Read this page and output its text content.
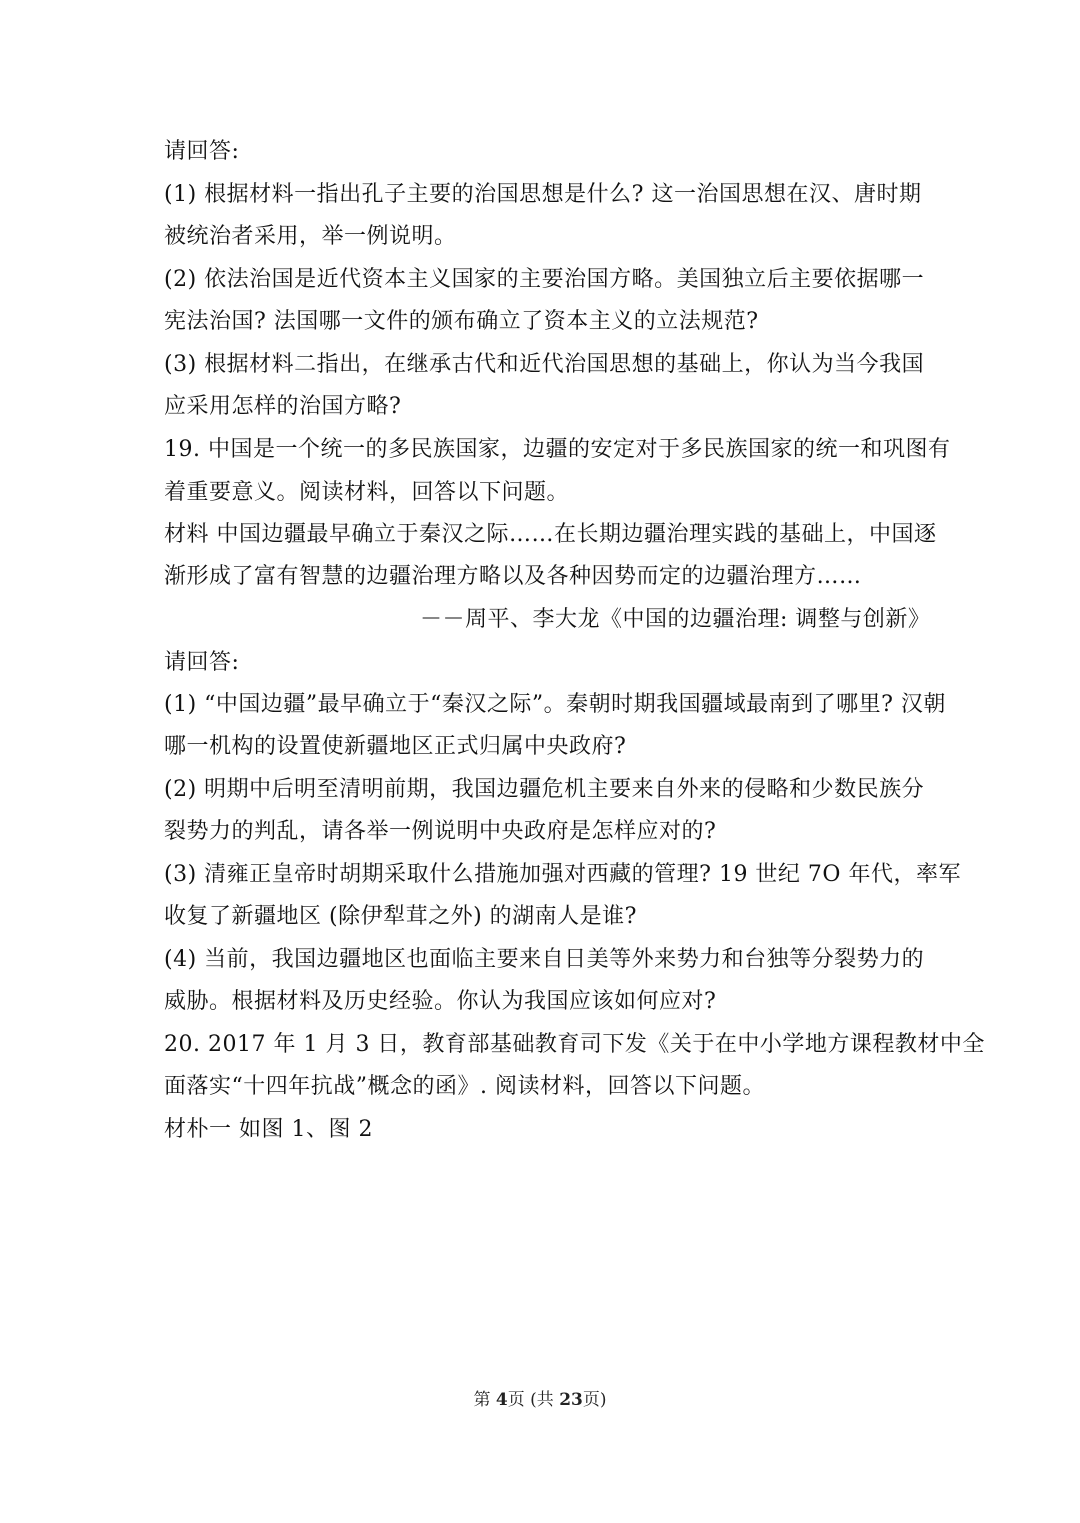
请回答:
(1) 根据材料一指出孔子主要的治国思想是什么? 这一治国思想在汉、唐时期
被统治者采用，举一例说明。
(2) 依法治国是近代资本主义国家的主要治国方略。美国独立后主要依据哪一
宪法治国? 法国哪一文件的颁布确立了资本主义的立法规范?
(3) 根据材料二指出，在继承古代和近代治国思想的基础上，你认为当今我国
应采用怎样的治国方略?
19. 中国是一个统一的多民族国家，边疆的安定对于多民族国家的统一和巩图有
着重要意义。阅读材料，回答以下问题。
材料 中国边疆最早确立于秦汉之际……在长期边疆治理实践的基础上，中国逐
渐形成了富有智慧的边疆治理方略以及各种因势而定的边疆治理方……
－－周平、李大龙《中国的边疆治理: 调整与创新》
请回答:
(1) “中国边疆”最早确立于“秦汉之际”。秦朝时期我国疆域最南到了哪里? 汉朝
哪一机构的设置使新疆地区正式归属中央政府?
(2) 明期中后明至清明前期，我国边疆危机主要来自外来的侵略和少数民族分
裂势力的判乱，请各举一例说明中央政府是怎样应对的?
(3) 清雍正皇帝时胡期采取什么措施加强对西藏的管理? 19 世纪 7O 年代，率军
收复了新疆地区 (除伊犁茸之外) 的湖南人是谁?
(4) 当前，我国边疆地区也面临主要来自日美等外来势力和台独等分裂势力的
威胁。根据材料及历史经验。你认为我国应该如何应对?
20. 2017 年 1 月 3 日，教育部基础教育司下发《关于在中小学地方课程教材中全
面落实“十四年抗战”概念的函》. 阅读材料，回答以下问题。
材朴一 如图 1、图 2
第 4页 (共 23页)
